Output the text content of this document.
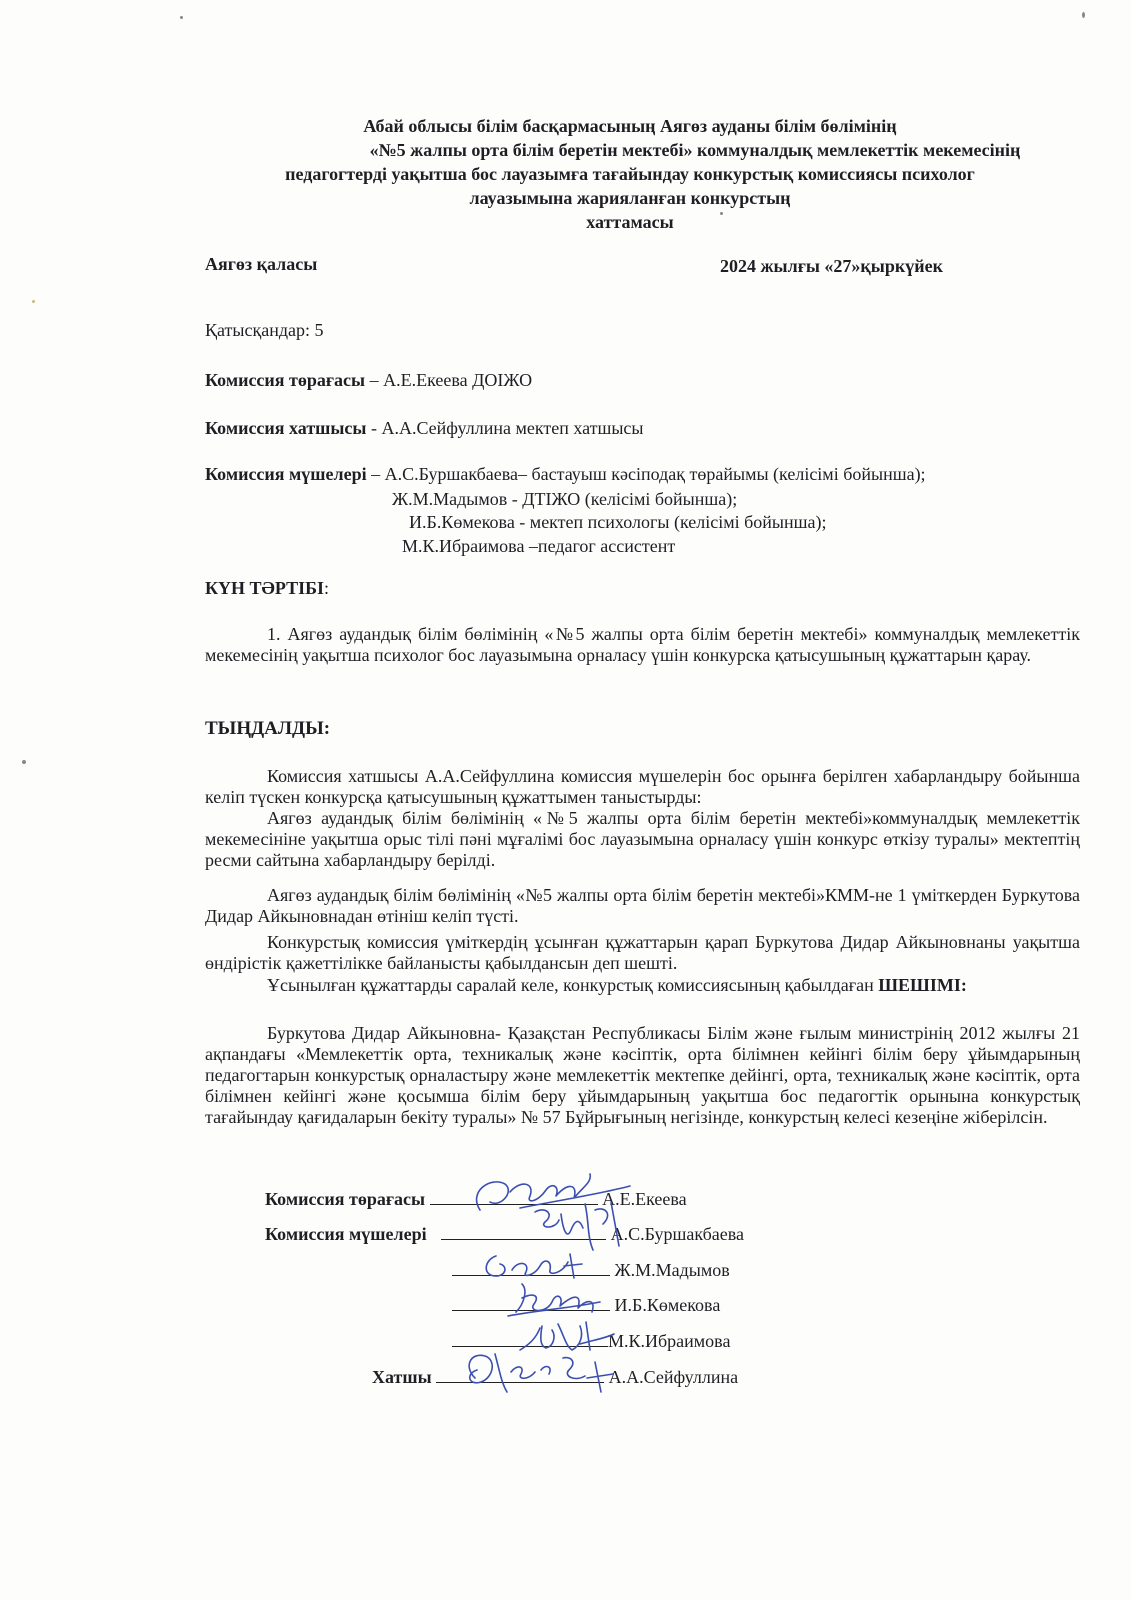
Абай облысы білім басқармасының Аягөз ауданы білім бөлімінің
«№5 жалпы орта білім беретін мектебі» коммуналдық мемлекеттік мекемесінің
педагогтерді уақытша бос лауазымға тағайындау конкурстық комиссиясы психолог
лауазымына жарияланған конкурстың
хаттамасы
Аягөз қаласы	2024 жылғы «27»қыркүйек
Қатысқандар: 5
Комиссия төрағасы – А.Е.Екеева ДОІЖО
Комиссия хатшысы - А.А.Сейфуллина мектеп хатшысы
Комиссия мүшелері – А.С.Буршакбаева– бастауыш кәсіподақ төрайымы (келісімі бойынша);
Ж.М.Мадымов - ДТІЖО (келісімі бойынша);
И.Б.Көмекова - мектеп психологы (келісімі бойынша);
М.К.Ибраимова –педагог ассистент
КҮН ТӘРТІБІ:
1. Аягөз аудандық білім бөлімінің «№5 жалпы орта білім беретін мектебі» коммуналдық мемлекеттік мекемесінің уақытша психолог бос лауазымына орналасу үшін конкурска қатысушының құжаттарын қарау.
ТЫҢДАЛДЫ:
Комиссия хатшысы А.А.Сейфуллина комиссия мүшелерін бос орынға берілген хабарландыру бойынша келіп түскен конкурсқа қатысушының құжаттымен таныстырды:
Аягөз аудандық білім бөлімінің «№5 жалпы орта білім беретін мектебі»коммуналдық мемлекеттік мекемесініне уақытша орыс тілі пәні мұғалімі бос лауазымына орналасу үшін конкурс өткізу туралы» мектептің ресми сайтына хабарландыру берілді.
Аягөз аудандық білім бөлімінің «№5 жалпы орта білім беретін мектебі»КММ-не 1 үміткерден Буркутова Дидар Айкыновнадан өтініш келіп түсті.
Конкурстық комиссия үміткердің ұсынған құжаттарын қарап Буркутова Дидар Айкыновнаны уақытша өндірістік қажеттілікке байланысты қабылдансын деп шешті.
Ұсынылған құжаттарды саралай келе, конкурстық комиссиясының қабылдаған ШЕШІМІ:
Буркутова Дидар Айкыновна- Қазақстан Республикасы Білім және ғылым министрінің 2012 жылғы 21 ақпандағы «Мемлекеттік орта, техникалық және кәсіптік, орта білімнен кейінгі білім беру ұйымдарының педагогтарын конкурстық орналастыру және мемлекеттік мектепке дейінгі, орта, техникалық және кәсіптік, орта білімнен кейінгі және қосымша білім беру ұйымдарының уақытша бос педагогтік орынына конкурстық тағайындау қағидаларын бекіту туралы» № 57 Бұйрығының негізінде, конкурстың келесі кезеңіне жіберілсін.
Комиссия төрағасы	А.Е.Екеева
Комиссия мүшелері	А.С.Буршакбаева
Ж.М.Мадымов
И.Б.Көмекова
М.К.Ибраимова
Хатшы	А.А.Сейфуллина
